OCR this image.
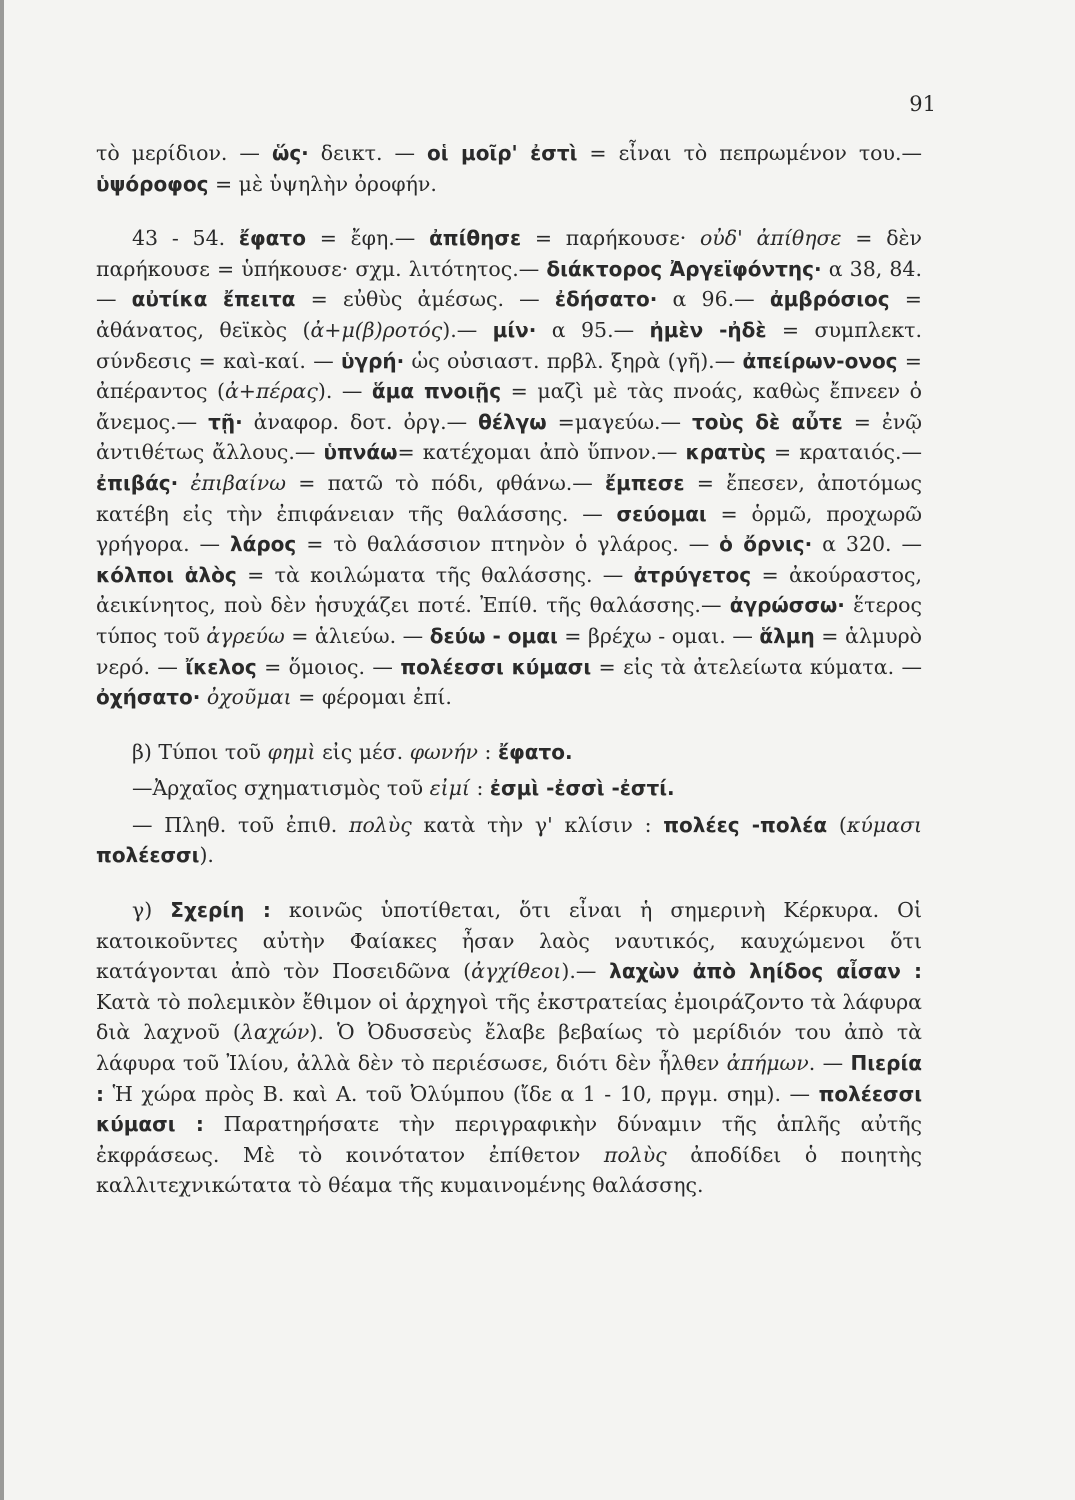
91

τὸ μερίδιον. — ὥς· δεικτ. — οἱ μοῖρ' ἐστὶ = εἶναι τὸ πεπρωμένον του.— ὑψόροφος = μὲ ὑψηλὴν ὀροφήν.

43 - 54. ἔφατο = ἔφη.— ἀπίθησε = παρήκουσε· οὐδ' ἀπίθησε = δὲν παρήκουσε = ὑπήκουσε· σχμ. λιτότητος.— διάκτορος Ἀργεϊφόντης· α 38, 84. — αὐτίκα ἔπειτα = εὐθὺς ἀμέσως. — ἐδήσατο· α 96.— ἀμβρόσιος = ἀθάνατος, θεϊκὸς (ἀ+μ(β)ροτός).— μίν· α 95.— ἠμὲν -ἠδὲ = συμπλεκτ. σύνδεσις = καὶ-καί. — ὑγρή· ὡς οὐσιαστ. πρβλ. ξηρὰ (γῆ).— ἀπείρων-ονος = ἀπέραντος (ἀ+πέρας). — ἅμα πνοιῇς = μαζὶ μὲ τὰς πνοάς, καθὼς ἔπνεεν ὁ ἄνεμος.— τῇ· ἀναφορ. δοτ. ὀργ.— θέλγω =μαγεύω.— τοὺς δὲ αὖτε = ἐνῷ ἀντιθέτως ἄλλους.— ὑπνάω= κατέχομαι ἀπὸ ὕπνον.— κρατὺς = κραταιός.— ἐπιβάς· ἐπιβαίνω = πατῶ τὸ πόδι, φθάνω.— ἔμπεσε = ἔπεσεν, ἀποτόμως κατέβη εἰς τὴν ἐπιφάνειαν τῆς θαλάσσης. — σεύομαι = ὁρμῶ, προχωρῶ γρήγορα. — λάρος = τὸ θαλάσσιον πτηνὸν ὁ γλάρος. — ὁ ὄρνις· α 320. — κόλποι ἁλὸς = τὰ κοιλώματα τῆς θαλάσσης. — ἀτρύγετος = ἀκούραστος, ἀεικίνητος, ποὺ δὲν ἡσυχάζει ποτέ. Ἐπίθ. τῆς θαλάσσης.— ἀγρώσσω· ἕτερος τύπος τοῦ ἀγρεύω = ἁλιεύω. — δεύω - ομαι = βρέχω - ομαι. — ἅλμη = ἁλμυρὸ νερό. — ἴκελος = ὅμοιος. — πολέεσσι κύμασι = εἰς τὰ ἀτελείωτα κύματα. — ὀχήσατο· ὀχοῦμαι = φέρομαι ἐπί.

β) Τύποι τοῦ φημὶ εἰς μέσ. φωνήν : ἔφατο.

—Ἀρχαῖος σχηματισμὸς τοῦ εἰμί : ἐσμὶ -ἐσσὶ -ἐστί.

— Πληθ. τοῦ ἐπιθ. πολὺς κατὰ τὴν γ' κλίσιν : πολέες -πολέα (κύμασι πολέεσσι).

γ) Σχερίη : κοινῶς ὑποτίθεται, ὅτι εἶναι ἡ σημερινὴ Κέρκυρα. Οἱ κατοικοῦντες αὐτὴν Φαίακες ἦσαν λαὸς ναυτικός, καυχώμενοι ὅτι κατάγονται ἀπὸ τὸν Ποσειδῶνα (ἀγχίθεοι).— λαχὼν ἀπὸ ληίδος αἶσαν : Κατὰ τὸ πολεμικὸν ἔθιμον οἱ ἀρχηγοὶ τῆς ἐκστρατείας ἐμοιράζοντο τὰ λάφυρα διὰ λαχνοῦ (λαχών). Ὁ Ὀδυσσεὺς ἔλαβε βεβαίως τὸ μερίδιόν του ἀπὸ τὰ λάφυρα τοῦ Ἰλίου, ἀλλὰ δὲν τὸ περιέσωσε, διότι δὲν ἦλθεν ἀπήμων. — Πιερία : Ἡ χώρα πρὸς Β. καὶ Α. τοῦ Ὀλύμπου (ἴδε α 1 - 10, πργμ. σημ). — πολέεσσι κύμασι : Παρατηρήσατε τὴν περιγραφικὴν δύναμιν τῆς ἁπλῆς αὐτῆς ἐκφράσεως. Μὲ τὸ κοινότατον ἐπίθετον πολὺς ἀποδίδει ὁ ποιητὴς καλλιτεχνικώτατα τὸ θέαμα τῆς κυμαινομένης θαλάσσης.
